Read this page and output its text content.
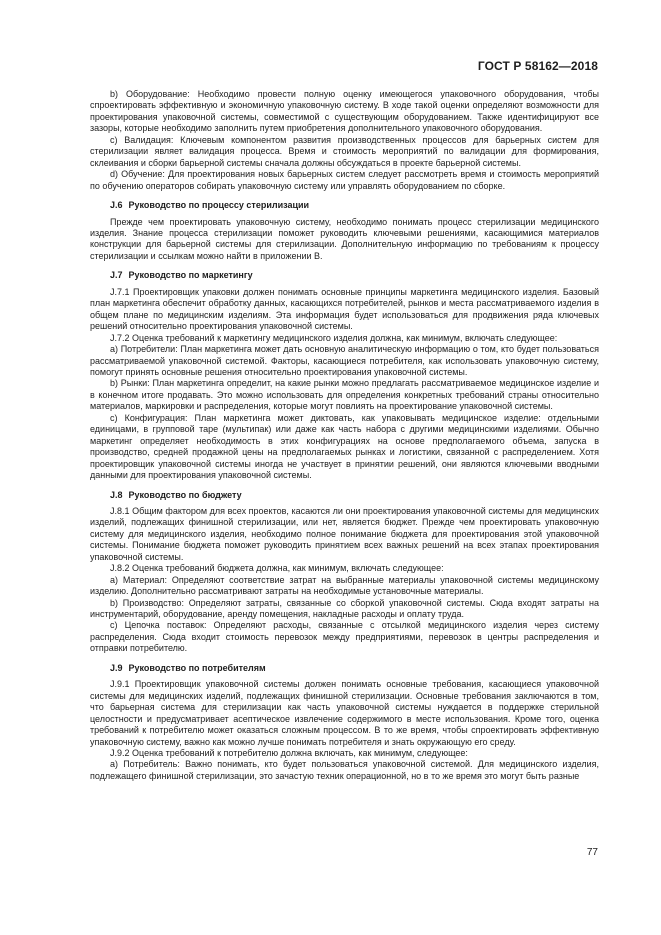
ГОСТ Р 58162—2018

b) Оборудование: Необходимо провести полную оценку имеющегося упаковочного оборудования, чтобы спроектировать эффективную и экономичную упаковочную систему. В ходе такой оценки определяют возможности для проектирования упаковочной системы, совместимой с существующим оборудованием. Также идентифицируют все зазоры, которые необходимо заполнить путем приобретения дополнительного упаковочного оборудования.

c) Валидация: Ключевым компонентом развития производственных процессов для барьерных систем для стерилизации являет валидация процесса. Время и стоимость мероприятий по валидации для формирования, склеивания и сборки барьерной системы сначала должны обсуждаться в проекте барьерной системы.

d) Обучение: Для проектирования новых барьерных систем следует рассмотреть время и стоимость мероприятий по обучению операторов собирать упаковочную систему или управлять оборудованием по сборке.

J.6 Руководство по процессу стерилизации

Прежде чем проектировать упаковочную систему, необходимо понимать процесс стерилизации медицинского изделия. Знание процесса стерилизации поможет руководить ключевыми решениями, касающимися материалов конструкции для барьерной системы для стерилизации. Дополнительную информацию по требованиям к процессу стерилизации и ссылкам можно найти в приложении В.

J.7 Руководство по маркетингу

J.7.1 Проектировщик упаковки должен понимать основные принципы маркетинга медицинского изделия. Базовый план маркетинга обеспечит обработку данных, касающихся потребителей, рынков и места рассматриваемого изделия в общем плане по медицинским изделиям. Эта информация будет использоваться для продвижения ряда ключевых решений относительно проектирования упаковочной системы.

J.7.2 Оценка требований к маркетингу медицинского изделия должна, как минимум, включать следующее:

a) Потребители: План маркетинга может дать основную аналитическую информацию о том, кто будет пользоваться рассматриваемой упаковочной системой. Факторы, касающиеся потребителя, как использовать упаковочную систему, помогут принять основные решения относительно проектирования упаковочной системы.

b) Рынки: План маркетинга определит, на какие рынки можно предлагать рассматриваемое медицинское изделие и в конечном итоге продавать. Это можно использовать для определения конкретных требований страны относительно материалов, маркировки и распределения, которые могут повлиять на проектирование упаковочной системы.

c) Конфигурация: План маркетинга может диктовать, как упаковывать медицинское изделие: отдельными единицами, в групповой таре (мультипак) или даже как часть набора с другими медицинскими изделиями. Обычно маркетинг определяет необходимость в этих конфигурациях на основе предполагаемого объема, запуска в производство, средней продажной цены на предполагаемых рынках и логистики, связанной с распределением. Хотя проектировщик упаковочной системы иногда не участвует в принятии решений, они являются ключевыми вводными данными для проектирования упаковочной системы.

J.8 Руководство по бюджету

J.8.1 Общим фактором для всех проектов, касаются ли они проектирования упаковочной системы для медицинских изделий, подлежащих финишной стерилизации, или нет, является бюджет. Прежде чем проектировать упаковочную систему для медицинского изделия, необходимо полное понимание бюджета для проектирования этой упаковочной системы. Понимание бюджета поможет руководить принятием всех важных решений на всех этапах проектирования упаковочной системы.

J.8.2 Оценка требований бюджета должна, как минимум, включать следующее:

a) Материал: Определяют соответствие затрат на выбранные материалы упаковочной системы медицинскому изделию. Дополнительно рассматривают затраты на необходимые установочные материалы.

b) Производство: Определяют затраты, связанные со сборкой упаковочной системы. Сюда входят затраты на инструментарий, оборудование, аренду помещения, накладные расходы и оплату труда.

c) Цепочка поставок: Определяют расходы, связанные с отсылкой медицинского изделия через систему распределения. Сюда входит стоимость перевозок между предприятиями, перевозок в центры распределения и отправки потребителю.

J.9 Руководство по потребителям

J.9.1 Проектировщик упаковочной системы должен понимать основные требования, касающиеся упаковочной системы для медицинских изделий, подлежащих финишной стерилизации. Основные требования заключаются в том, что барьерная система для стерилизации как часть упаковочной системы нуждается в поддержке стерильной целостности и предусматривает асептическое извлечение содержимого в месте использования. Кроме того, оценка требований к потребителю может оказаться сложным процессом. В то же время, чтобы спроектировать эффективную упаковочную систему, важно как можно лучше понимать потребителя и знать окружающую его среду.

J.9.2 Оценка требований к потребителю должна включать, как минимум, следующее:

a) Потребитель: Важно понимать, кто будет пользоваться упаковочной системой. Для медицинского изделия, подлежащего финишной стерилизации, это зачастую техник операционной, но в то же время это могут быть разные

77
